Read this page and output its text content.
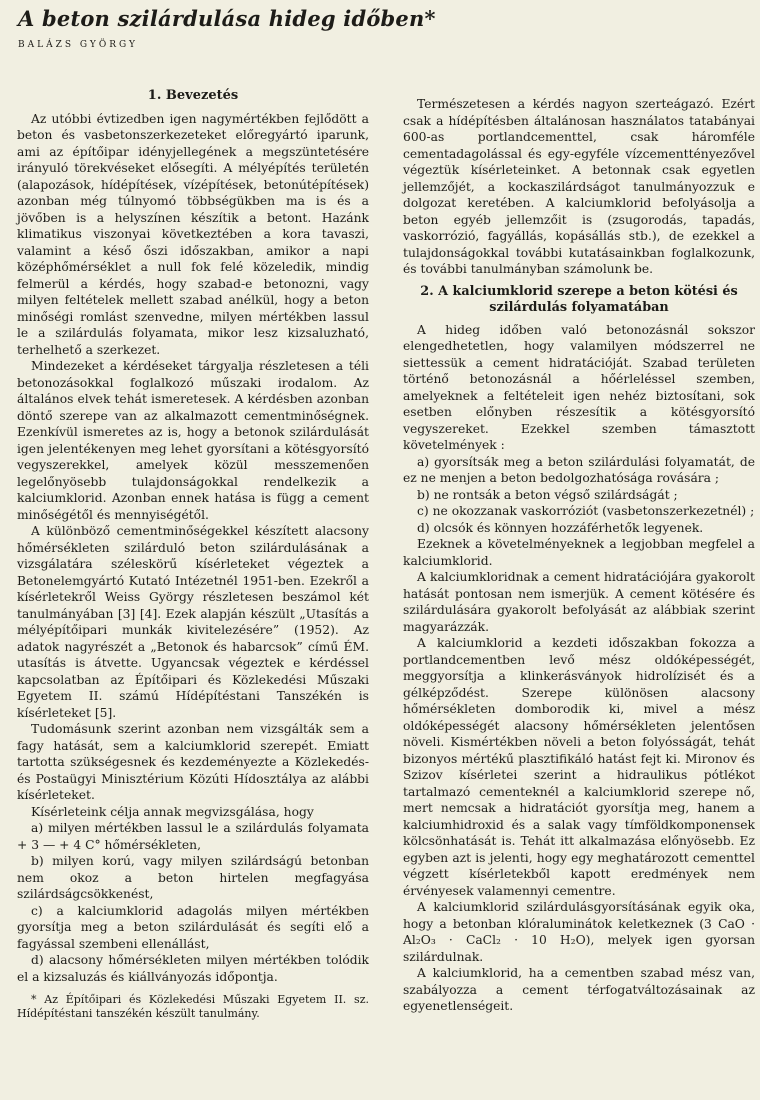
A beton szilárdulása hideg időben*
BALÁZS GYÖRGY
1. Bevezetés

Az utóbbi évtizedben igen nagymértékben fejlődött a beton és vasbetonszerkezeteket előregyártó iparunk, ami az építőipar idényjellegének a megszüntetésére irányuló törekvéseket elősegíti. A mélyépítés területén (alapozások, hídépítések, vízépítések, betonútépítések) azonban még túlnyomó többségükben ma is és a jövőben is a helyszínen készítik a betont. Hazánk klimatikus viszonyai következtében a kora tavaszi, valamint a késő őszi időszakban, amikor a napi középhőmérséklet a null fok felé közeledik, mindig felmerül a kérdés, hogy szabad-e betonozni, vagy milyen feltételek mellett szabad anélkül, hogy a beton minőségi romlást szenvedne, milyen mértékben lassul le a szilárdulás folyamata, mikor lesz kizsaluzható, terhelhető a szerkezet.

Mindezeket a kérdéseket tárgyalja részletesen a téli betonozásokkal foglalkozó műszaki irodalom. Az általános elvek tehát ismeretesek. A kérdésben azonban döntő szerepe van az alkalmazott cementminőségnek. Ezenkívül ismeretes az is, hogy a betonok szilárdulását igen jelentékenyen meg lehet gyorsítani a kötésgyorsító vegyszerekkel, amelyek közül messzemenően legelőnyösebb tulajdonságokkal rendelkezik a kalciumklorid. Azonban ennek hatása is függ a cement minőségétől és mennyiségétől.

A különböző cementminőségekkel készített alacsony hőmérsékleten szilárduló beton szilárdulásának a vizsgálatára széleskörű kísérleteket végeztek a Betonelemgyártó Kutató Intézetnél 1951-ben. Ezekről a kísérletekről Weiss György részletesen beszámol két tanulmányában [3] [4]. Ezek alapján készült „Utasítás a mélyépítőipari munkák kivitelezésére” (1952). Az adatok nagyrészét a „Betonok és habarcsok” című ÉM. utasítás is átvette. Ugyancsak végeztek e kérdéssel kapcsolatban az Építőipari és Közlekedési Műszaki Egyetem II. számú Hídépítéstani Tanszékén is kísérleteket [5].

Tudomásunk szerint azonban nem vizsgálták sem a fagy hatását, sem a kalciumklorid szerepét. Emiatt tartotta szükségesnek és kezdeményezte a Közlekedés- és Postaügyi Minisztérium Közúti Hídosztálya az alábbi kísérleteket.

Kísérleteink célja annak megvizsgálása, hogy

a) milyen mértékben lassul le a szilárdulás folyamata + 3 — + 4 C° hőmérsékleten,

b) milyen korú, vagy milyen szilárdságú betonban nem okoz a beton hirtelen megfagyása szilárdságcsökkenést,

c) a kalciumklorid adagolás milyen mértékben gyorsítja meg a beton szilárdulását és segíti elő a fagyással szembeni ellenállást,

d) alacsony hőmérsékleten milyen mértékben tolódik el a kizsaluzás és kiállványozás időpontja.

* Az Építőipari és Közlekedési Műszaki Egyetem II. sz. Hídépítéstani tanszékén készült tanulmány.

Természetesen a kérdés nagyon szerteágazó. Ezért csak a hídépítésben általánosan használatos tatabányai 600-as portlandcementtel, csak háromféle cementadagolással és egy-egyféle vízcementtényezővel végeztük kísérleteinket. A betonnak csak egyetlen jellemzőjét, a kockaszilárdságot tanulmányozzuk e dolgozat keretében. A kalciumklorid befolyásolja a beton egyéb jellemzőit is (zsugorodás, tapadás, vaskorrózió, fagyállás, kopásállás stb.), de ezekkel a tulajdonságokkal további kutatásainkban foglalkozunk, és további tanulmányban számolunk be.

2. A kalciumklorid szerepe a beton kötési és szilárdulás folyamatában

A hideg időben való betonozásnál sokszor elengedhetetlen, hogy valamilyen módszerrel ne siettessük a cement hidratációját. Szabad területen történő betonozásnál a hőérleléssel szemben, amelyeknek a feltételeit igen nehéz biztosítani, sok esetben előnyben részesítik a kötésgyorsító vegyszereket. Ezekkel szemben támasztott követelmények :

a) gyorsítsák meg a beton szilárdulási folyamatát, de ez ne menjen a beton bedolgozhatósága rovására ;

b) ne rontsák a beton végső szilárdságát ;

c) ne okozzanak vaskorróziót (vasbetonszerkezetnél) ;

d) olcsók és könnyen hozzáférhetők legyenek.

Ezeknek a követelményeknek a legjobban megfelel a kalciumklorid.

A kalciumkloridnak a cement hidratációjára gyakorolt hatását pontosan nem ismerjük. A cement kötésére és szilárdulására gyakorolt befolyását az alábbiak szerint magyarázzák.

A kalciumklorid a kezdeti időszakban fokozza a portlandcementben levő mész oldóképességét, meggyorsítja a klinkerásványok hidrolízisét és a gélképződést. Szerepe különösen alacsony hőmérsékleten domborodik ki, mivel a mész oldóképességét alacsony hőmérsékleten jelentősen növeli. Kismértékben növeli a beton folyósságát, tehát bizonyos mértékű plasztifikáló hatást fejt ki. Mironov és Szizov kísérletei szerint a hidraulikus pótlékot tartalmazó cementeknél a kalciumklorid szerepe nő, mert nemcsak a hidratációt gyorsítja meg, hanem a kalciumhidroxid és a salak vagy tímföldkomponensek kölcsönhatását is. Tehát itt alkalmazása előnyösebb. Ez egyben azt is jelenti, hogy egy meghatározott cementtel végzett kísérletekből kapott eredmények nem érvényesek valamennyi cementre.

A kalciumklorid szilárdulásgyorsításának egyik oka, hogy a betonban klóraluminátok keletkeznek (3 CaO · Al₂O₃ · CaCl₂ · 10 H₂O), melyek igen gyorsan szilárdulnak.

A kalciumklorid, ha a cementben szabad mész van, szabályozza a cement térfogatváltozásainak az egyenetlenségeit.
